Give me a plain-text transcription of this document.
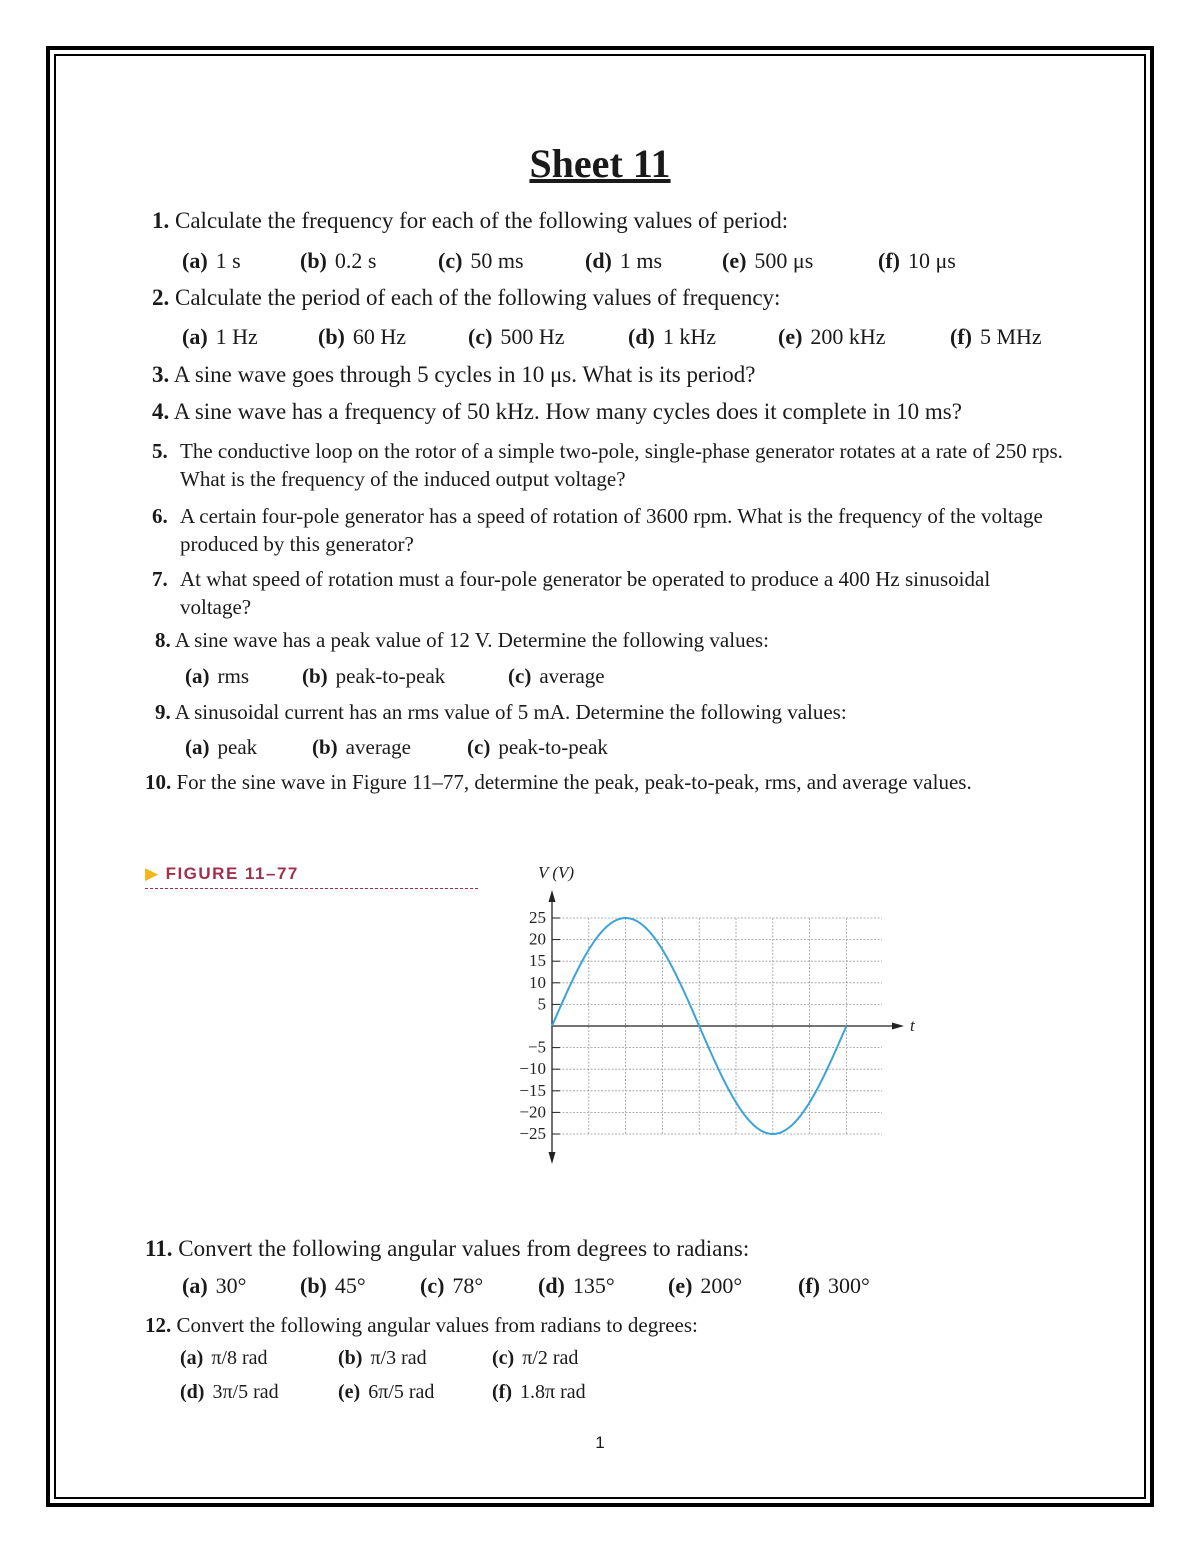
Sheet 11
1. Calculate the frequency for each of the following values of period:
(a) 1 s	(b) 0.2 s	(c) 50 ms	(d) 1 ms	(e) 500 μs	(f) 10 μs
2. Calculate the period of each of the following values of frequency:
(a) 1 Hz	(b) 60 Hz	(c) 500 Hz	(d) 1 kHz	(e) 200 kHz	(f) 5 MHz
3. A sine wave goes through 5 cycles in 10 μs. What is its period?
4. A sine wave has a frequency of 50 kHz. How many cycles does it complete in 10 ms?
5. The conductive loop on the rotor of a simple two-pole, single-phase generator rotates at a rate of 250 rps. What is the frequency of the induced output voltage?
6. A certain four-pole generator has a speed of rotation of 3600 rpm. What is the frequency of the voltage produced by this generator?
7. At what speed of rotation must a four-pole generator be operated to produce a 400 Hz sinusoidal voltage?
8. A sine wave has a peak value of 12 V. Determine the following values:
(a) rms	(b) peak-to-peak	(c) average
9. A sinusoidal current has an rms value of 5 mA. Determine the following values:
(a) peak	(b) average	(c) peak-to-peak
10. For the sine wave in Figure 11–77, determine the peak, peak-to-peak, rms, and average values.
▶ FIGURE 11–77
25
20
15
10
5
−5
−10
−15
−20
−25
t
V (V)
11. Convert the following angular values from degrees to radians:
(a) 30° (b) 45° (c) 78° (d) 135° (e) 200°	(f) 300°
12. Convert the following angular values from radians to degrees:
(a) π/8 rad	(b) π/3 rad	(c) π/2 rad
(d) 3π/5 rad	(e) 6π/5 rad	(f) 1.8π rad
1
